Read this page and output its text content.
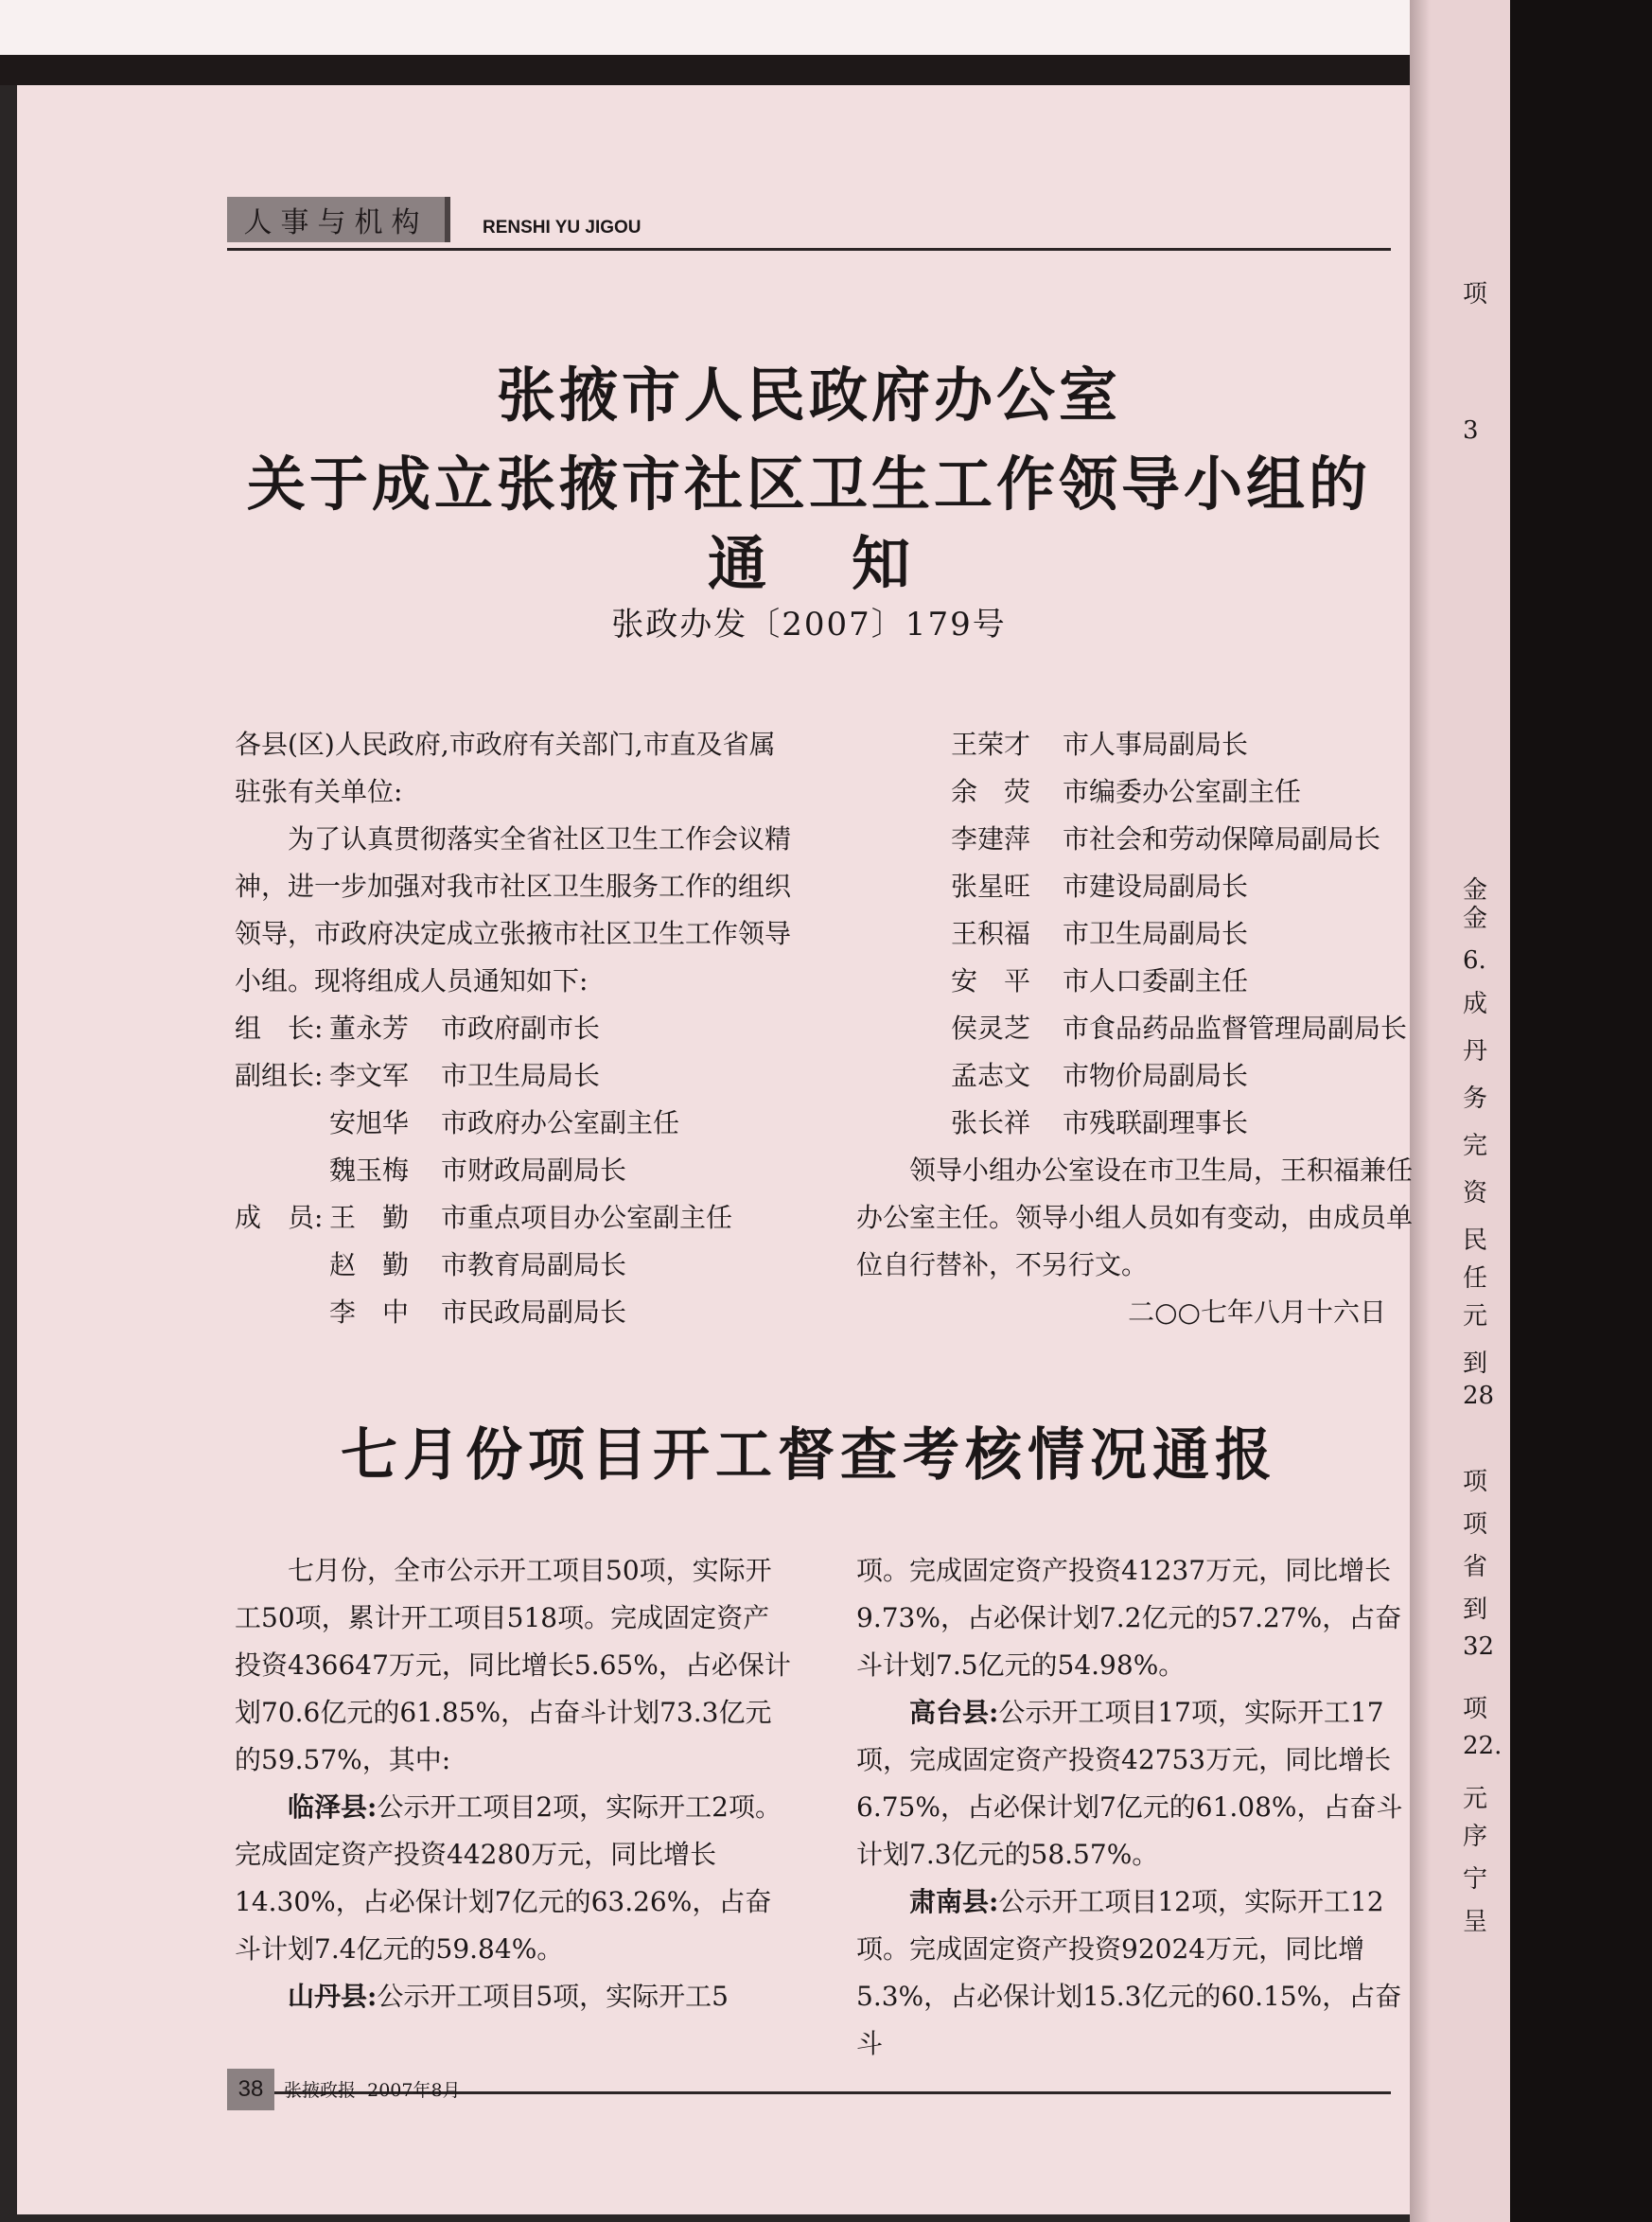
项
3
金
金
6.
成
丹
务
完
资
民
任
元
到
28
项
项
省
到
32
项
22.
元
序
宁
呈

人事与机构	RENSHI YU JIGOU
张掖市人民政府办公室
关于成立张掖市社区卫生工作领导小组的
通知
张政办发〔2007〕179号

各县(区)人民政府,市政府有关部门,市直及省属驻张有关单位:

为了认真贯彻落实全省社区卫生工作会议精神，进一步加强对我市社区卫生服务工作的组织领导，市政府决定成立张掖市社区卫生工作领导小组。现将组成人员通知如下:

组　长: 董永芳	市政府副市长
副组长: 李文军	市卫生局局长
安旭华	市政府办公室副主任
魏玉梅	市财政局副局长
成　员: 王　勤	市重点项目办公室副主任
赵　勤	市教育局副局长
李　中	市民政局副局长
王荣才	市人事局副局长
余　荧	市编委办公室副主任
李建萍	市社会和劳动保障局副局长
张星旺	市建设局副局长
王积福	市卫生局副局长
安　平	市人口委副主任
侯灵芝	市食品药品监督管理局副局长
孟志文	市物价局副局长
张长祥	市残联副理事长

领导小组办公室设在市卫生局，王积福兼任办公室主任。领导小组人员如有变动，由成员单位自行替补，不另行文。

二○○七年八月十六日

七月份项目开工督查考核情况通报

七月份，全市公示开工项目50项，实际开工50项，累计开工项目518项。完成固定资产投资436647万元，同比增长5.65%，占必保计划70.6亿元的61.85%，占奋斗计划73.3亿元的59.57%，其中:

临泽县:公示开工项目2项，实际开工2项。完成固定资产投资44280万元，同比增长14.30%，占必保计划7亿元的63.26%，占奋斗计划7.4亿元的59.84%。

山丹县:公示开工项目5项，实际开工5

项。完成固定资产投资41237万元，同比增长9.73%，占必保计划7.2亿元的57.27%，占奋斗计划7.5亿元的54.98%。

高台县:公示开工项目17项，实际开工17项，完成固定资产投资42753万元，同比增长6.75%，占必保计划7亿元的61.08%，占奋斗计划7.3亿元的58.57%。

肃南县:公示开工项目12项，实际开工12项。完成固定资产投资92024万元，同比增5.3%，占必保计划15.3亿元的60.15%，占奋斗

38	张掖政报 2007年8月
